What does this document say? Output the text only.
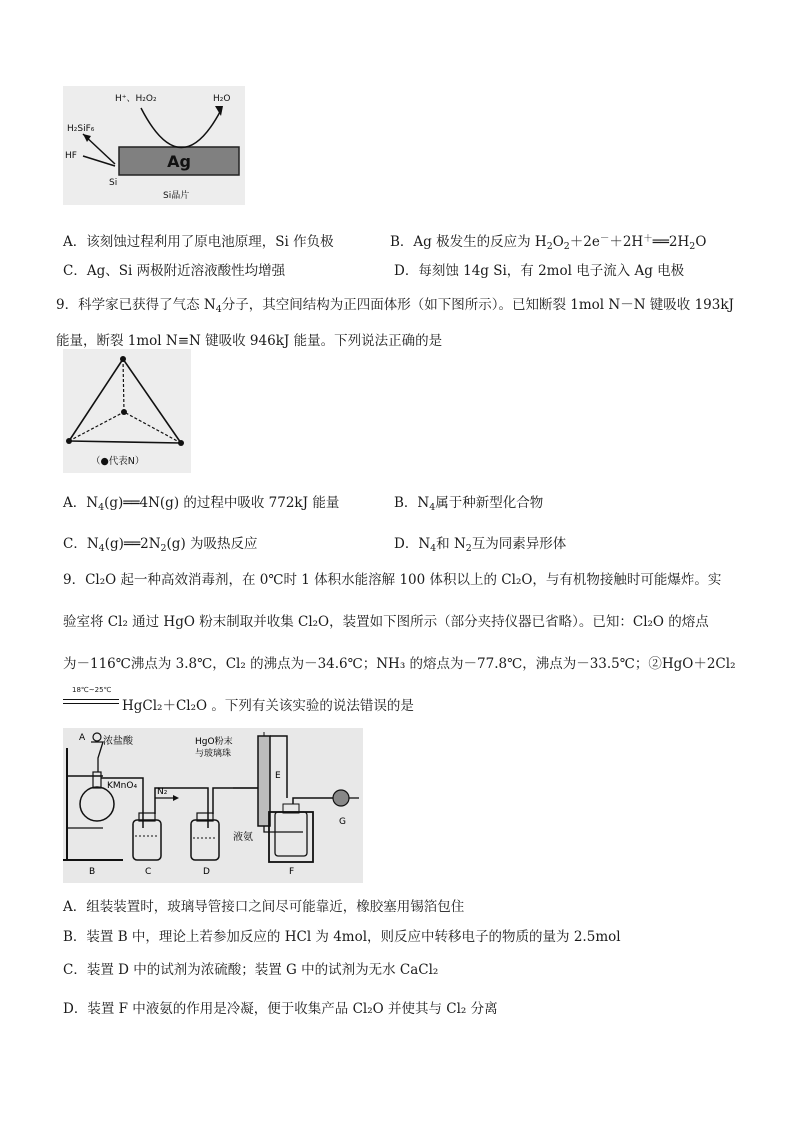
Ag
H⁺、H₂O₂	H₂O
H₂SiF₆
HF
Si
Si晶片
A．该刻蚀过程利用了原电池原理，Si 作负极	B．Ag 极发生的反应为 $H_2O_2+2e^-+2H^+══2H_2O$
C．Ag、Si 两极附近溶液酸性均增强	D．每刻蚀 14g Si，有 2mol 电子流入 Ag 电极
9．科学家已获得了气态 $N_4$分子，其空间结构为正四面体形（如下图所示）。已知断裂 1mol N－N 键吸收 193kJ
能量，断裂 1mol N≡N 键吸收 946kJ 能量。下列说法正确的是
（●代表N）
A．$N_4(g)══4N(g)$ 的过程中吸收 772kJ 能量	B．$N_4$属于种新型化合物
C．$N_4(g)══2N_2(g)$ 为吸热反应	D．$N_4$和 $N_2$互为同素异形体
9．Cl₂O 起一种高效消毒剂，在 0℃时 1 体积水能溶解 100 体积以上的 Cl₂O，与有机物接触时可能爆炸。实
验室将 Cl₂ 通过 HgO 粉末制取并收集 Cl₂O，装置如下图所示（部分夹持仪器已省略）。已知：Cl₂O 的熔点
为－116℃沸点为 3.8℃，Cl₂ 的沸点为－34.6℃；NH₃ 的熔点为－77.8℃，沸点为－33.5℃；②HgO＋2Cl₂
18℃~25℃
HgCl₂＋Cl₂O 。下列有关该实验的说法错误的是
A
B	C	D
E
F
G
浓盐酸
KMnO₄
HgO粉末
与玻璃珠
N₂
液氨
A．组装装置时，玻璃导管接口之间尽可能靠近，橡胶塞用锡箔包住
B．装置 B 中，理论上若参加反应的 HCl 为 4mol，则反应中转移电子的物质的量为 2.5mol
C．装置 D 中的试剂为浓硫酸；装置 G 中的试剂为无水 CaCl₂
D．装置 F 中液氨的作用是冷凝，便于收集产品 Cl₂O 并使其与 Cl₂ 分离
